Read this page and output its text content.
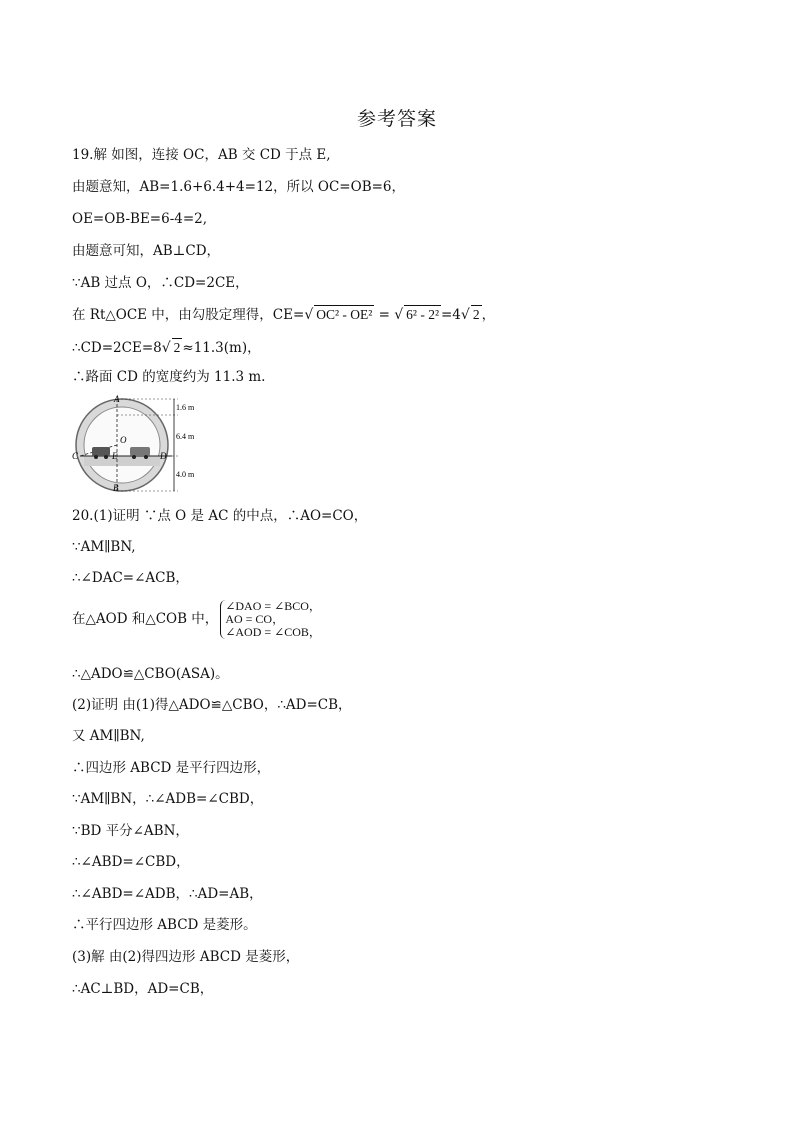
参考答案
19.解 如图，连接 OC，AB 交 CD 于点 E,
由题意知，AB=1.6+6.4+4=12，所以 OC=OB=6，
OE=OB-BE=6-4=2,
由题意可知，AB⊥CD，
∵AB 过点 O，∴CD=2CE，
在 Rt△OCE 中，由勾股定理得，CE=√ OC² - OE² = √ 6² - 2² =4√ 2 ，
∴CD=2CE=8√ 2 ≈11.3(m)，
∴路面 CD 的宽度约为 11.3 m.
A
O
C	E	D
B
1.6 m
6.4 m
4.0 m
20.(1)证明 ∵点 O 是 AC 的中点，∴AO=CO，
∵AM∥BN,
∴∠DAC=∠ACB，
在△AOD 和△COB 中，
∠DAO = ∠BCO，
AO = CO，
∠AOD = ∠COB，
∴△ADO≌△CBO(ASA)。
(2)证明 由(1)得△ADO≌△CBO，∴AD=CB，
又 AM∥BN,
∴四边形 ABCD 是平行四边形，
∵AM∥BN，∴∠ADB=∠CBD，
∵BD 平分∠ABN，
∴∠ABD=∠CBD，
∴∠ABD=∠ADB，∴AD=AB，
∴平行四边形 ABCD 是菱形。
(3)解 由(2)得四边形 ABCD 是菱形，
∴AC⊥BD，AD=CB，
